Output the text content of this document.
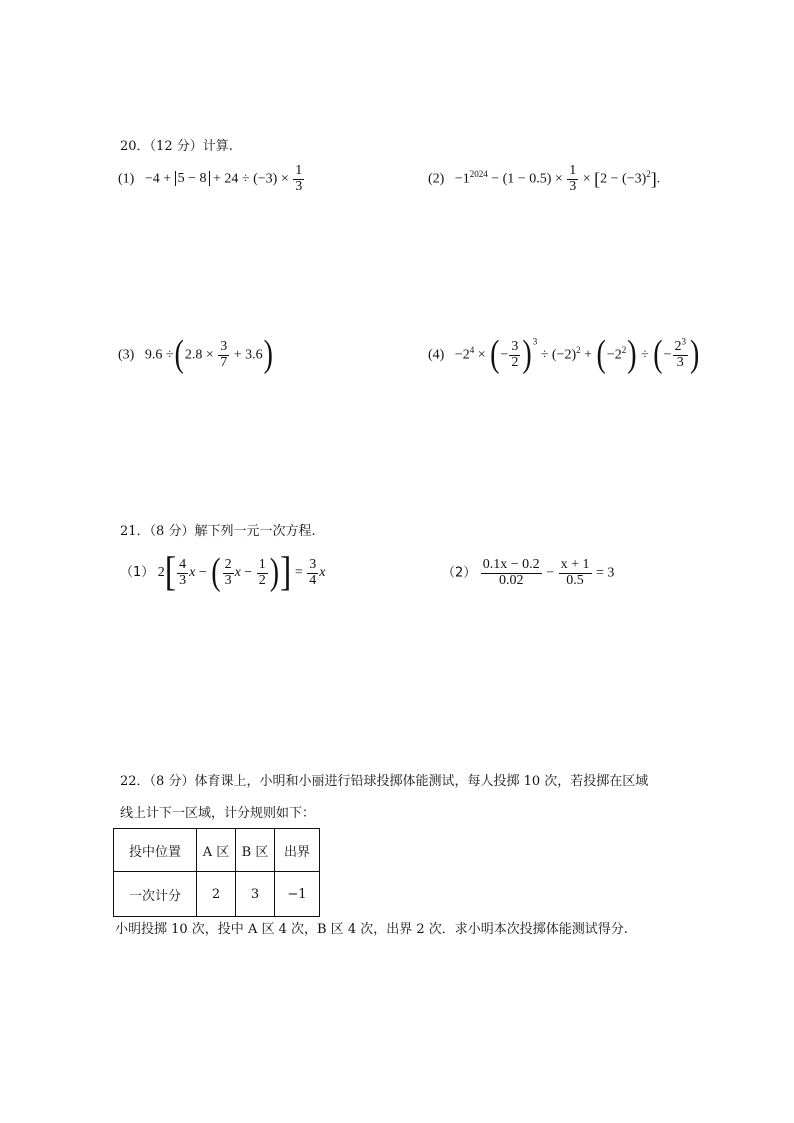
20．（12 分）计算.
$(1) -4 + 5 - 8 + 24 \div (-3) \times \frac{1}{3}$	$(2) -1^{2024} - (1 - 0.5) \times \frac{1}{3} \times [2 - (-3)^2]$.
(3) $9.6 \div(2.8 \times \frac{3}{7} + 3.6)$	$(4) -2^4$ × (− $\frac{3}{2} )^3 \div (-2)^2 + (-2^2)$ ÷ (− $\frac{2^3}{3}$ )
21．（8 分）解下列一元一次方程.
（1） $2[ \frac{4}{3}$ x − ( $\frac{2}{3}$ $x - \frac{1}{2}$ )] = $\frac{3}{4}$ x	$(2) \frac{0.1x - 0.2}{0.02} - \frac{x + 1}{0.5} = 3$
22．（8 分）体育课上，小明和小丽进行铅球投掷体能测试，每人投掷 10 次，若投掷在区域
线上计下一区域，计分规则如下：
投中位置	A 区	B 区	出界
一次计分	2	3	−1
小明投掷 10 次，投中 A 区 4 次，B 区 4 次，出界 2 次．求小明本次投掷体能测试得分.
